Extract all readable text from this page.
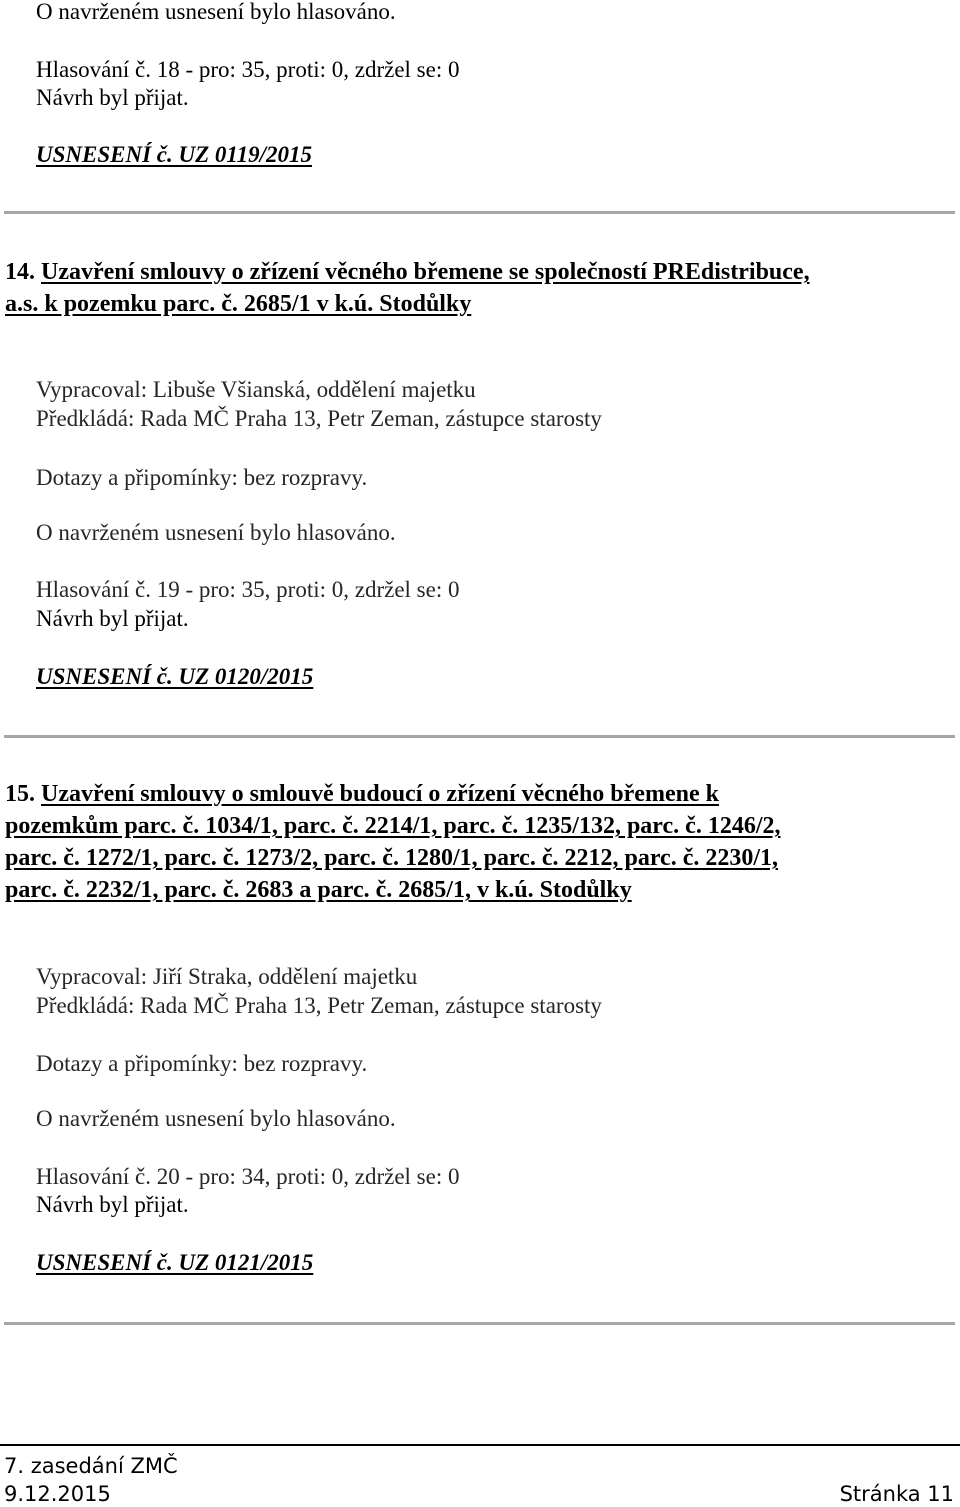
O navrženém usnesení bylo hlasováno.
Hlasování č. 18 - pro: 35, proti: 0, zdržel se: 0
Návrh byl přijat.
USNESENÍ č. UZ 0119/2015
14. Uzavření smlouvy o zřízení věcného břemene se společností PREdistribuce,
a.s. k pozemku parc. č. 2685/1 v k.ú. Stodůlky
Vypracoval: Libuše Všianská, oddělení majetku
Předkládá: Rada MČ Praha 13, Petr Zeman, zástupce starosty
Dotazy a připomínky: bez rozpravy.
O navrženém usnesení bylo hlasováno.
Hlasování č. 19 - pro: 35, proti: 0, zdržel se: 0
Návrh byl přijat.
USNESENÍ č. UZ 0120/2015
15. Uzavření smlouvy o smlouvě budoucí o zřízení věcného břemene k
pozemkům parc. č. 1034/1, parc. č. 2214/1, parc. č. 1235/132, parc. č. 1246/2,
parc. č. 1272/1, parc. č. 1273/2, parc. č. 1280/1, parc. č. 2212, parc. č. 2230/1,
parc. č. 2232/1, parc. č. 2683 a parc. č. 2685/1, v k.ú. Stodůlky
Vypracoval: Jiří Straka, oddělení majetku
Předkládá: Rada MČ Praha 13, Petr Zeman, zástupce starosty
Dotazy a připomínky: bez rozpravy.
O navrženém usnesení bylo hlasováno.
Hlasování č. 20 - pro: 34, proti: 0, zdržel se: 0
Návrh byl přijat.
USNESENÍ č. UZ 0121/2015
7. zasedání ZMČ
9.12.2015	Stránka 11
